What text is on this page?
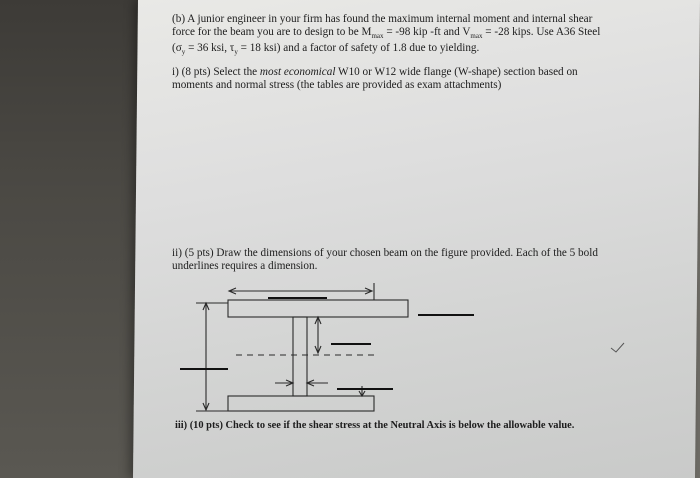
(b) A junior engineer in your firm has found the maximum internal moment and internal shear
force for the beam you are to design to be $M_{max} = -98$ kip -ft and $V_{max} = -28$ kips. Use A36 Steel
($\sigma_y = 36$ ksi, $\tau_y = 18$ ksi) and a factor of safety of 1.8 due to yielding.
i) (8 pts) Select the most economical W10 or W12 wide flange (W-shape) section based on
moments and normal stress (the tables are provided as exam attachments)
ii) (5 pts) Draw the dimensions of your chosen beam on the figure provided. Each of the 5 bold
underlines requires a dimension.
iii) (10 pts) Check to see if the shear stress at the Neutral Axis is below the allowable value.
